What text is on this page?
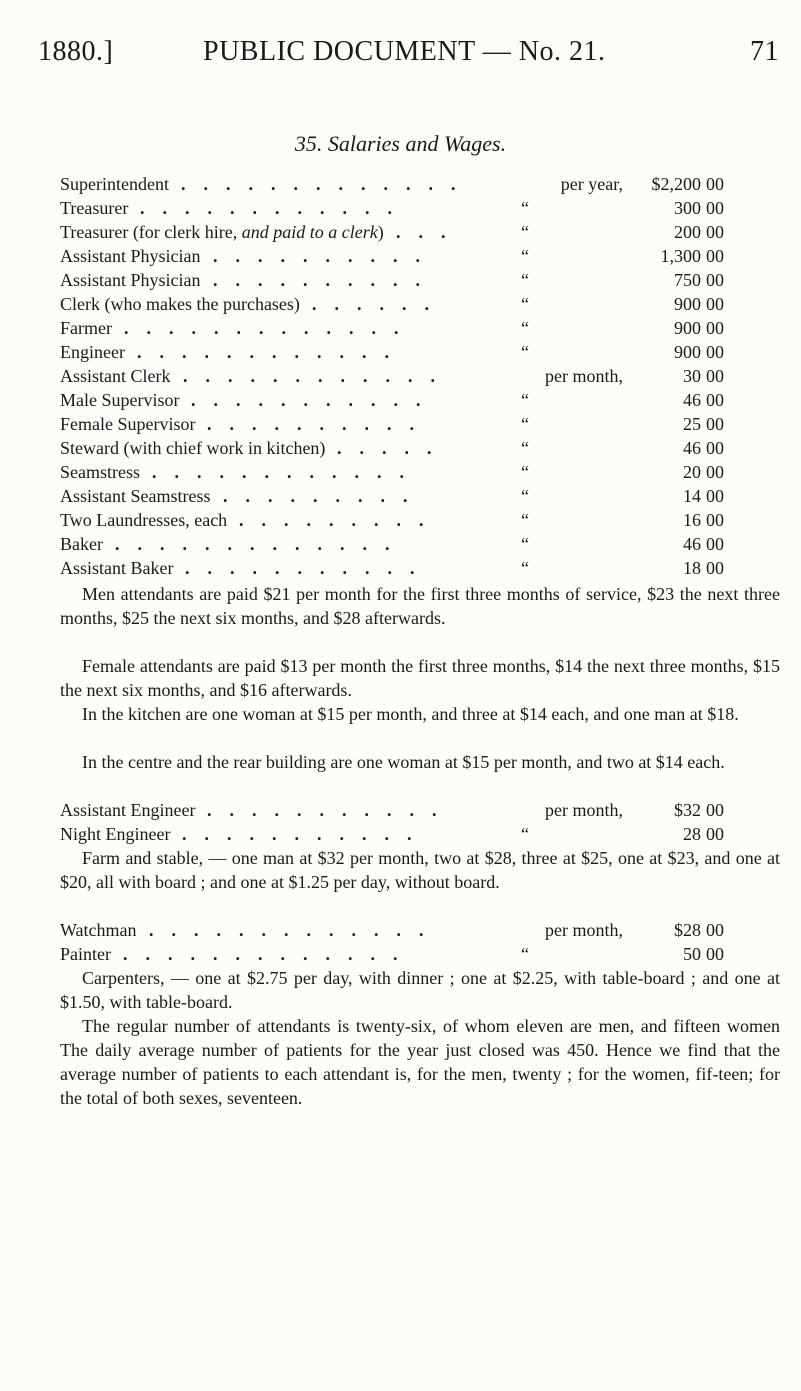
1880.]	PUBLIC DOCUMENT — No. 21.	71
35. Salaries and Wages.
Superintendent	per year,	$2,200 00
.............
Treasurer	“	300 00
............
Treasurer (for clerk hire, and paid to a clerk)	“	200 00
...
Assistant Physician	“	1,300 00
..........
Assistant Physician	“	750 00
..........
Clerk (who makes the purchases)	“	900 00
......
Farmer	“	900 00
.............
Engineer	“	900 00
............
Assistant Clerk	per month,	30 00
............
Male Supervisor	“	46 00
...........
Female Supervisor	“	25 00
..........
Steward (with chief work in kitchen)	“	46 00
.....
Seamstress	“	20 00
............
Assistant Seamstress	“	14 00
.........
Two Laundresses, each	“	16 00
.........
Baker	“	46 00
.............
Assistant Baker	“	18 00
...........
Men attendants are paid $21 per month for the first three months of service, $23 the next three months, $25 the next six months, and $28 afterwards.
Female attendants are paid $13 per month the first three months, $14 the next three months, $15 the next six months, and $16 afterwards.
In the kitchen are one woman at $15 per month, and three at $14 each, and one man at $18.
In the centre and the rear building are one woman at $15 per month, and two at $14 each.
Assistant Engineer	per month,	$32 00
...........
Night Engineer	“	28 00
...........
Farm and stable, — one man at $32 per month, two at $28, three at $25, one at $23, and one at $20, all with board ; and one at $1.25 per day, without board.
Watchman	per month,	$28 00
.............
Painter	“	50 00
.............
Carpenters, — one at $2.75 per day, with dinner ; one at $2.25, with table-board ; and one at $1.50, with table-board.
The regular number of attendants is twenty-six, of whom eleven are men, and fifteen women The daily average number of patients for the year just closed was 450. Hence we find that the average number of patients to each attendant is, for the men, twenty ; for the women, fif-teen; for the total of both sexes, seventeen.
